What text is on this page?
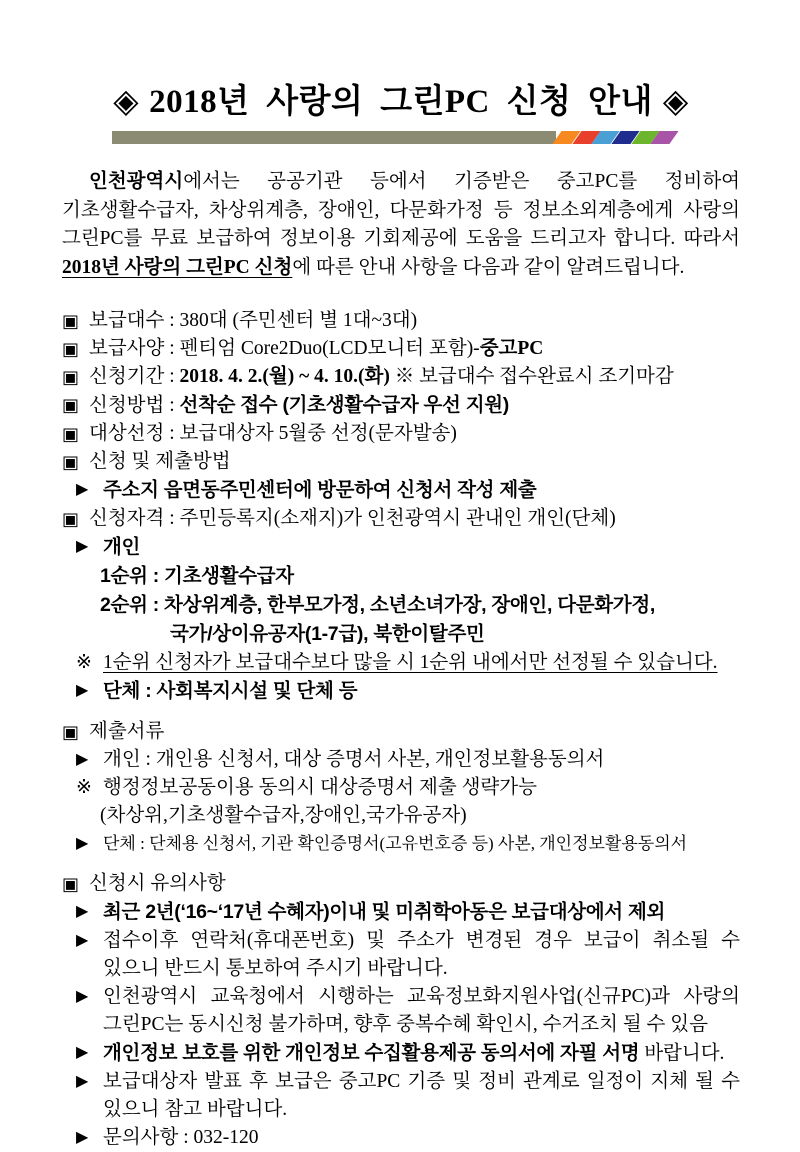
◈ 2018년 사랑의 그린PC 신청 안내 ◈

인천광역시에서는 공공기관 등에서 기증받은 중고PC를 정비하여 기초생활수급자, 차상위계층, 장애인, 다문화가정 등 정보소외계층에게 사랑의 그린PC를 무료 보급하여 정보이용 기회제공에 도움을 드리고자 합니다. 따라서 2018년 사랑의 그린PC 신청에 따른 안내 사항을 다음과 같이 알려드립니다.

▣ 보급대수 : 380대 (주민센터 별 1대~3대)
▣ 보급사양 : 펜티엄 Core2Duo(LCD모니터 포함)-중고PC
▣ 신청기간 : 2018. 4. 2.(월) ~ 4. 10.(화) ※ 보급대수 접수완료시 조기마감
▣ 신청방법 : 선착순 접수 (기초생활수급자 우선 지원)
▣ 대상선정 : 보급대상자 5월중 선정(문자발송)
▣ 신청 및 제출방법
▶ 주소지 읍면동주민센터에 방문하여 신청서 작성 제출
▣ 신청자격 : 주민등록지(소재지)가 인천광역시 관내인 개인(단체)
▶ 개인
1순위 : 기초생활수급자
2순위 : 차상위계층, 한부모가정, 소년소녀가장, 장애인, 다문화가정,
국가/상이유공자(1-7급), 북한이탈주민
※ 1순위 신청자가 보급대수보다 많을 시 1순위 내에서만 선정될 수 있습니다.
▶ 단체 : 사회복지시설 및 단체 등
▣ 제출서류
▶ 개인 : 개인용 신청서, 대상 증명서 사본, 개인정보활용동의서
※ 행정정보공동이용 동의시 대상증명서 제출 생략가능
(차상위,기초생활수급자,장애인,국가유공자)
▶ 단체 : 단체용 신청서, 기관 확인증명서(고유번호증 등) 사본, 개인정보활용동의서
▣ 신청시 유의사항
▶ 최근 2년(‘16~‘17년 수혜자)이내 및 미취학아동은 보급대상에서 제외
▶ 접수이후 연락처(휴대폰번호) 및 주소가 변경된 경우 보급이 취소될 수 있으니 반드시 통보하여 주시기 바랍니다.
▶ 인천광역시 교육청에서 시행하는 교육정보화지원사업(신규PC)과 사랑의 그린PC는 동시신청 불가하며, 향후 중복수혜 확인시, 수거조치 될 수 있음
▶ 개인정보 보호를 위한 개인정보 수집활용제공 동의서에 자필 서명 바랍니다.
▶ 보급대상자 발표 후 보급은 중고PC 기증 및 정비 관계로 일정이 지체 될 수 있으니 참고 바랍니다.
▶ 문의사항 : 032-120
